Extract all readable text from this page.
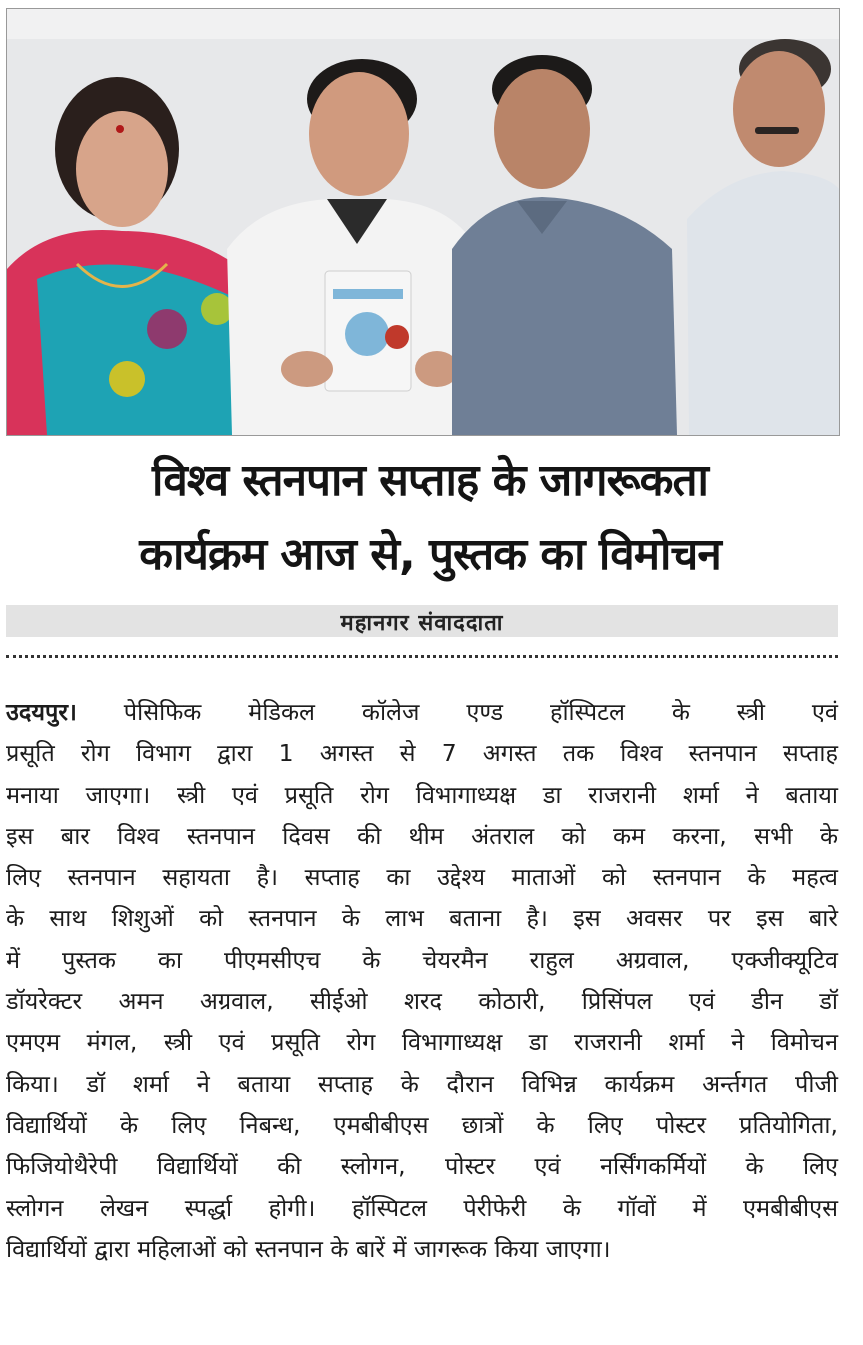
विश्व स्तनपान सप्ताह के जागरूकता
कार्यक्रम आज से, पुस्तक का विमोचन
महानगर संवाददाता
उदयपुर। पेसिफिक मेडिकल कॉलेज एण्ड हॉस्पिटल के स्त्री एवं
प्रसूति रोग विभाग द्वारा 1 अगस्त से 7 अगस्त तक विश्व स्तनपान सप्ताह
मनाया जाएगा। स्त्री एवं प्रसूति रोग विभागाध्यक्ष डा राजरानी शर्मा ने बताया
इस बार विश्व स्तनपान दिवस की थीम अंतराल को कम करना, सभी के
लिए स्तनपान सहायता है। सप्ताह का उद्देश्य माताओं को स्तनपान के महत्व
के साथ शिशुओं को स्तनपान के लाभ बताना है। इस अवसर पर इस बारे
में पुस्तक का पीएमसीएच के चेयरमैन राहुल अग्रवाल, एक्जीक्यूटिव
डॉयरेक्टर अमन अग्रवाल, सीईओ शरद कोठारी, प्रिसिंपल एवं डीन डॉ
एमएम मंगल, स्त्री एवं प्रसूति रोग विभागाध्यक्ष डा राजरानी शर्मा ने विमोचन
किया। डॉ शर्मा ने बताया सप्ताह के दौरान विभिन्न कार्यक्रम अर्न्तगत पीजी
विद्यार्थियों के लिए निबन्ध, एमबीबीएस छात्रों के लिए पोस्टर प्रतियोगिता,
फिजियोथैरेपी विद्यार्थियों की स्लोगन, पोस्टर एवं नर्सिंगकर्मियों के लिए
स्लोगन लेखन स्पर्द्धा होगी। हॉस्पिटल पेरीफेरी के गॉवों में एमबीबीएस
विद्यार्थियों द्वारा महिलाओं को स्तनपान के बारें में जागरूक किया जाएगा।
